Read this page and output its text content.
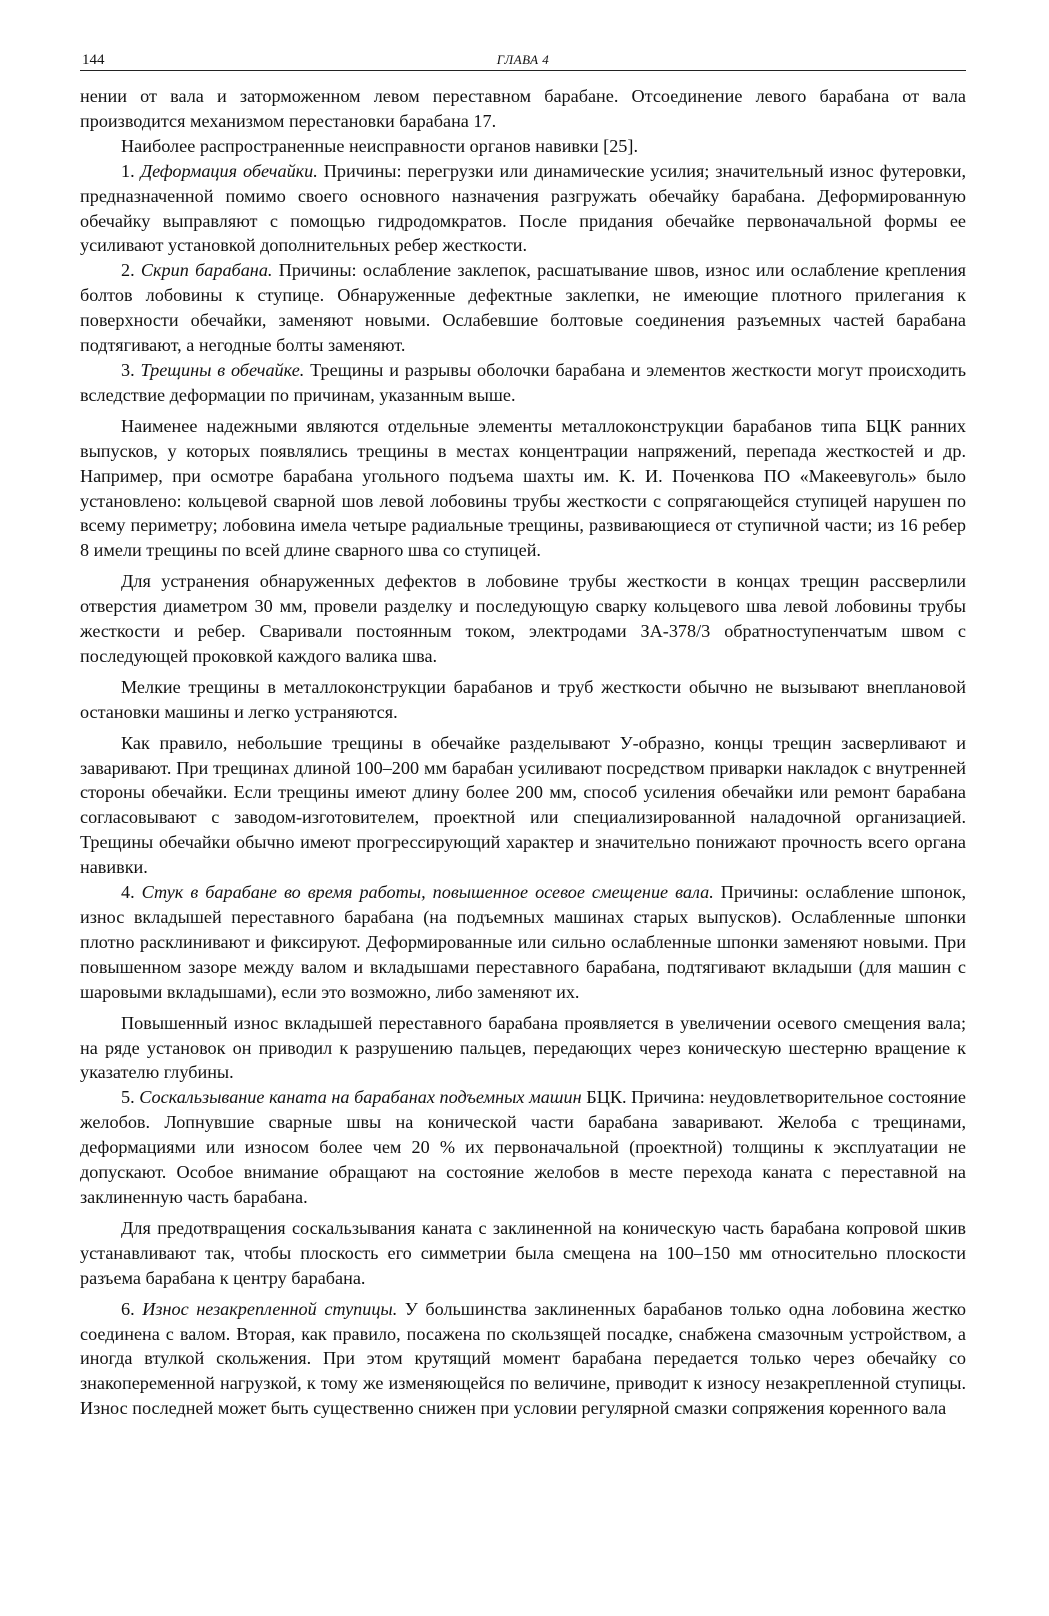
144	ГЛАВА 4

нении от вала и заторможенном левом переставном барабане. Отсоединение левого барабана от вала производится механизмом перестановки барабана 17.

Наиболее распространенные неисправности органов навивки [25].

1. Деформация обечайки. Причины: перегрузки или динамические усилия; значительный износ футеровки, предназначенной помимо своего основного назначения разгружать обечайку барабана. Деформированную обечайку выправляют с помощью гидродомкратов. После придания обечайке первоначальной формы ее усиливают установкой дополнительных ребер жесткости.

2. Скрип барабана. Причины: ослабление заклепок, расшатывание швов, износ или ослабление крепления болтов лобовины к ступице. Обнаруженные дефектные заклепки, не имеющие плотного прилегания к поверхности обечайки, заменяют новыми. Ослабевшие болтовые соединения разъемных частей барабана подтягивают, а негодные болты заменяют.

3. Трещины в обечайке. Трещины и разрывы оболочки барабана и элементов жесткости могут происходить вследствие деформации по причинам, указанным выше.

Наименее надежными являются отдельные элементы металлоконструкции барабанов типа БЦК ранних выпусков, у которых появлялись трещины в местах концентрации напряжений, перепада жесткостей и др. Например, при осмотре барабана угольного подъема шахты им. К. И. Поченкова ПО «Макеевуголь» было установлено: кольцевой сварной шов левой лобовины трубы жесткости с сопрягающейся ступицей нарушен по всему периметру; лобовина имела четыре радиальные трещины, развивающиеся от ступичной части; из 16 ребер 8 имели трещины по всей длине сварного шва со ступицей.

Для устранения обнаруженных дефектов в лобовине трубы жесткости в концах трещин рассверлили отверстия диаметром 30 мм, провели разделку и последующую сварку кольцевого шва левой лобовины трубы жесткости и ребер. Сваривали постоянным током, электродами ЗА-378/3 обратноступенчатым швом с последующей проковкой каждого валика шва.

Мелкие трещины в металлоконструкции барабанов и труб жесткости обычно не вызывают внеплановой остановки машины и легко устраняются.

Как правило, небольшие трещины в обечайке разделывают У-образно, концы трещин засверливают и заваривают. При трещинах длиной 100–200 мм барабан усиливают посредством приварки накладок с внутренней стороны обечайки. Если трещины имеют длину более 200 мм, способ усиления обечайки или ремонт барабана согласовывают с заводом-изготовителем, проектной или специализированной наладочной организацией. Трещины обечайки обычно имеют прогрессирующий характер и значительно понижают прочность всего органа навивки.

4. Стук в барабане во время работы, повышенное осевое смещение вала. Причины: ослабление шпонок, износ вкладышей переставного барабана (на подъемных машинах старых выпусков). Ослабленные шпонки плотно расклинивают и фиксируют. Деформированные или сильно ослабленные шпонки заменяют новыми. При повышенном зазоре между валом и вкладышами переставного барабана, подтягивают вкладыши (для машин с шаровыми вкладышами), если это возможно, либо заменяют их.

Повышенный износ вкладышей переставного барабана проявляется в увеличении осевого смещения вала; на ряде установок он приводил к разрушению пальцев, передающих через коническую шестерню вращение к указателю глубины.

5. Соскальзывание каната на барабанах подъемных машин БЦК. Причина: неудовлетворительное состояние желобов. Лопнувшие сварные швы на конической части барабана заваривают. Желоба с трещинами, деформациями или износом более чем 20 % их первоначальной (проектной) толщины к эксплуатации не допускают. Особое внимание обращают на состояние желобов в месте перехода каната с переставной на заклиненную часть барабана.

Для предотвращения соскальзывания каната с заклиненной на коническую часть барабана копровой шкив устанавливают так, чтобы плоскость его симметрии была смещена на 100–150 мм относительно плоскости разъема барабана к центру барабана.

6. Износ незакрепленной ступицы. У большинства заклиненных барабанов только одна лобовина жестко соединена с валом. Вторая, как правило, посажена по скользящей посадке, снабжена смазочным устройством, а иногда втулкой скольжения. При этом крутящий момент барабана передается только через обечайку со знакопеременной нагрузкой, к тому же изменяющейся по величине, приводит к износу незакрепленной ступицы. Износ последней может быть существенно снижен при условии регулярной смазки сопряжения коренного вала
